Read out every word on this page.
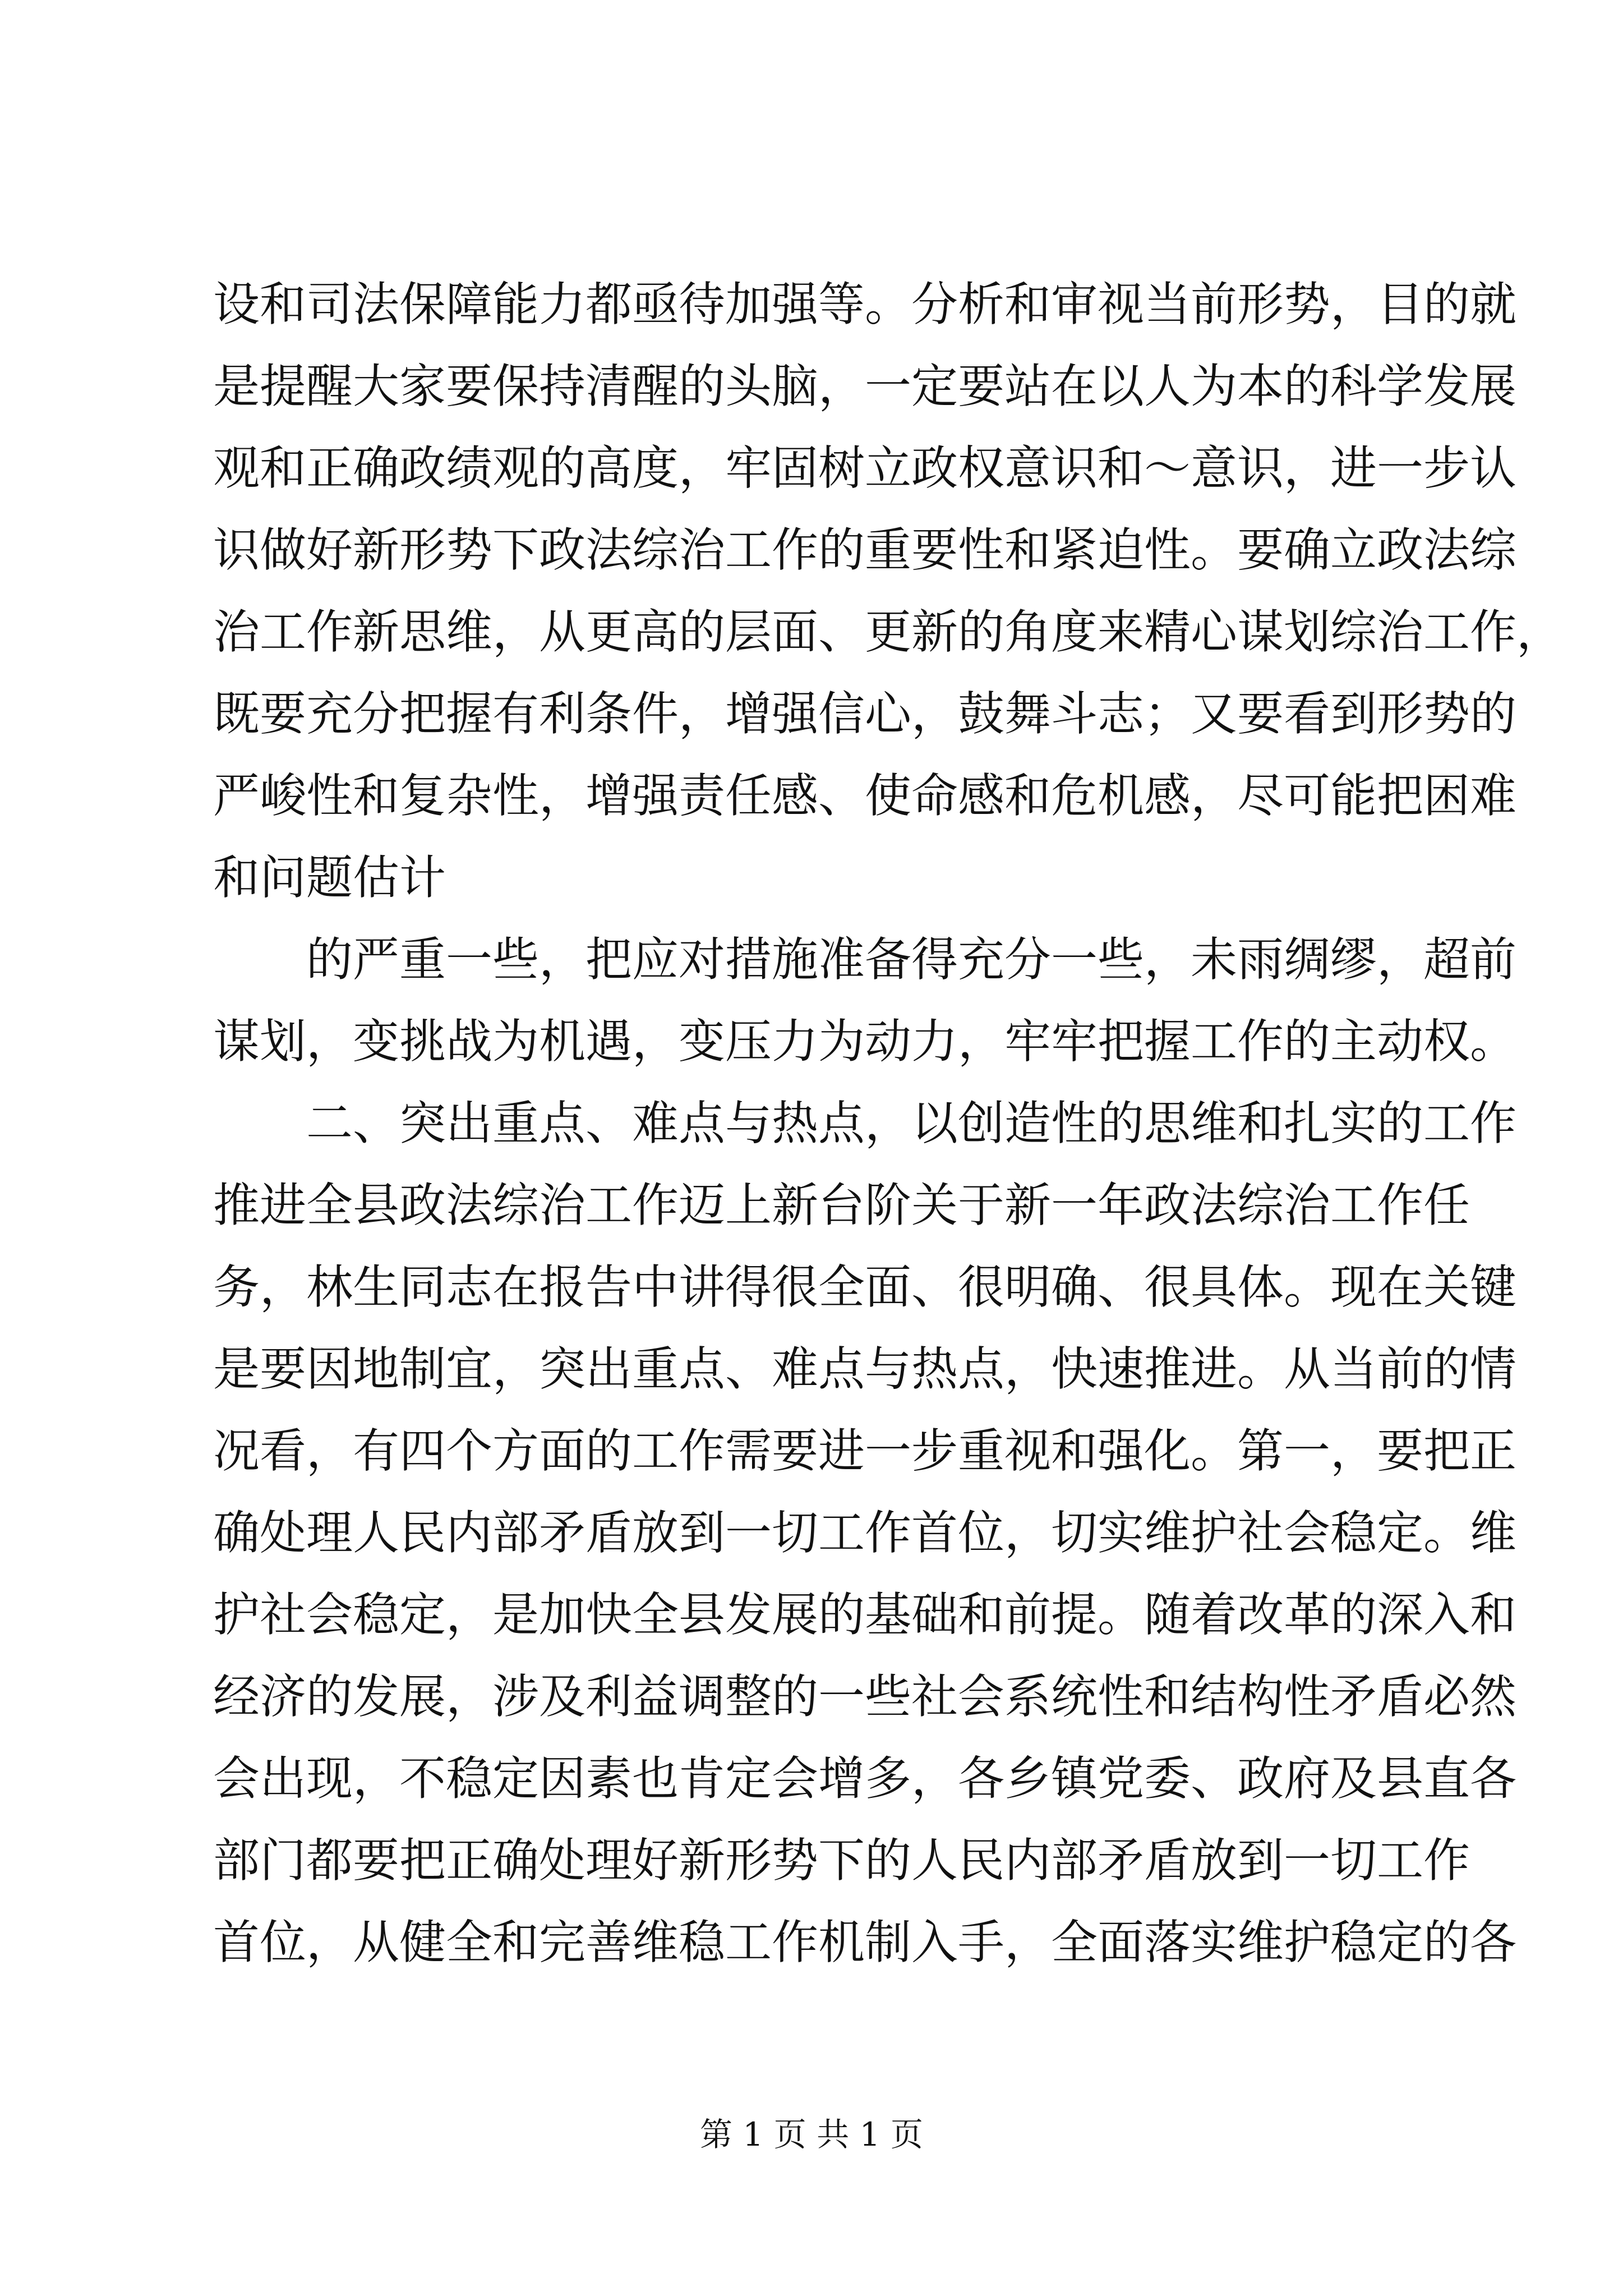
设和司法保障能力都亟待加强等。分析和审视当前形势，目的就
是提醒大家要保持清醒的头脑，一定要站在以人为本的科学发展
观和正确政绩观的高度，牢固树立政权意识和～意识，进一步认
识做好新形势下政法综治工作的重要性和紧迫性。要确立政法综
治工作新思维，从更高的层面、更新的角度来精心谋划综治工作，
既要充分把握有利条件，增强信心，鼓舞斗志；又要看到形势的
严峻性和复杂性，增强责任感、使命感和危机感，尽可能把困难
和问题估计
的严重一些，把应对措施准备得充分一些，未雨绸缪，超前
谋划，变挑战为机遇，变压力为动力，牢牢把握工作的主动权。
二、突出重点、难点与热点，以创造性的思维和扎实的工作
推进全县政法综治工作迈上新台阶关于新一年政法综治工作任
务，林生同志在报告中讲得很全面、很明确、很具体。现在关键
是要因地制宜，突出重点、难点与热点，快速推进。从当前的情
况看，有四个方面的工作需要进一步重视和强化。第一，要把正
确处理人民内部矛盾放到一切工作首位，切实维护社会稳定。维
护社会稳定，是加快全县发展的基础和前提。随着改革的深入和
经济的发展，涉及利益调整的一些社会系统性和结构性矛盾必然
会出现，不稳定因素也肯定会增多，各乡镇党委、政府及县直各
部门都要把正确处理好新形势下的人民内部矛盾放到一切工作
首位，从健全和完善维稳工作机制入手，全面落实维护稳定的各
第 1 页 共 1 页
